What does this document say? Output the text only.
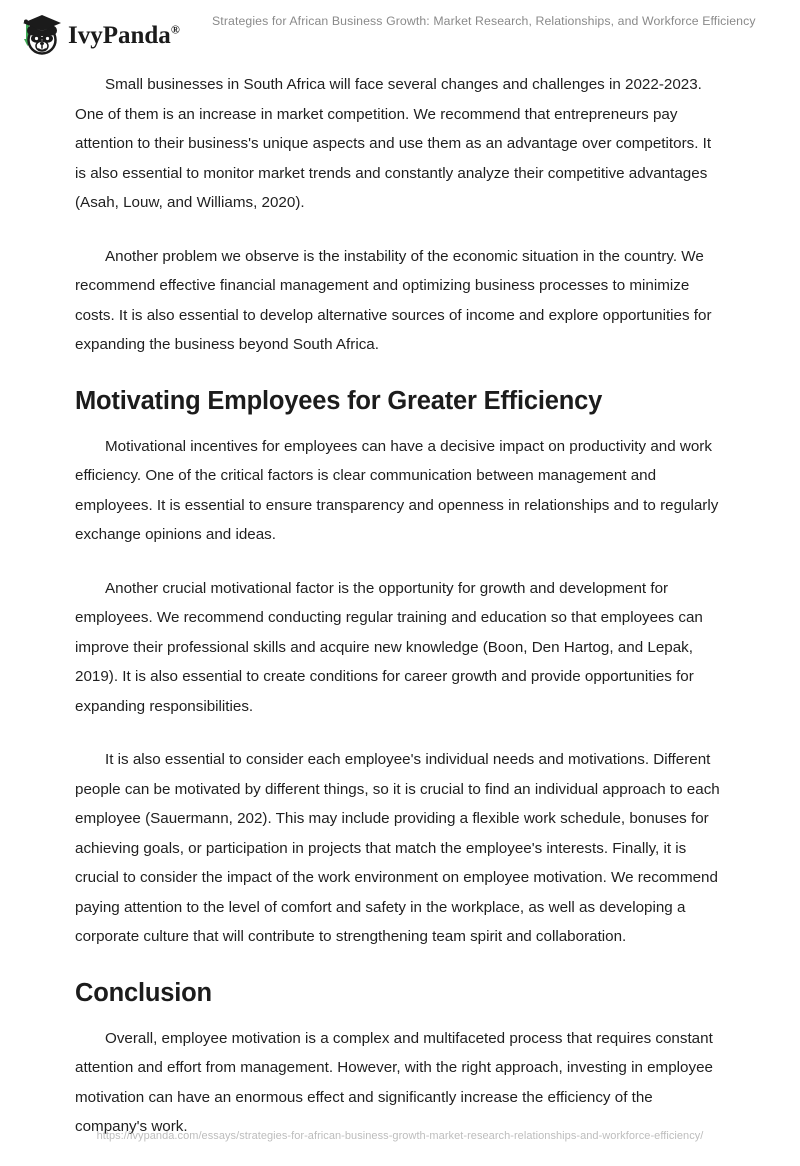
IvyPanda®
Strategies for African Business Growth: Market Research, Relationships, and Workforce Efficiency

Small businesses in South Africa will face several changes and challenges in 2022-2023. One of them is an increase in market competition. We recommend that entrepreneurs pay attention to their business's unique aspects and use them as an advantage over competitors. It is also essential to monitor market trends and constantly analyze their competitive advantages (Asah, Louw, and Williams, 2020).

Another problem we observe is the instability of the economic situation in the country. We recommend effective financial management and optimizing business processes to minimize costs. It is also essential to develop alternative sources of income and explore opportunities for expanding the business beyond South Africa.

Motivating Employees for Greater Efficiency

Motivational incentives for employees can have a decisive impact on productivity and work efficiency. One of the critical factors is clear communication between management and employees. It is essential to ensure transparency and openness in relationships and to regularly exchange opinions and ideas.

Another crucial motivational factor is the opportunity for growth and development for employees. We recommend conducting regular training and education so that employees can improve their professional skills and acquire new knowledge (Boon, Den Hartog, and Lepak, 2019). It is also essential to create conditions for career growth and provide opportunities for expanding responsibilities.

It is also essential to consider each employee's individual needs and motivations. Different people can be motivated by different things, so it is crucial to find an individual approach to each employee (Sauermann, 202). This may include providing a flexible work schedule, bonuses for achieving goals, or participation in projects that match the employee's interests. Finally, it is crucial to consider the impact of the work environment on employee motivation. We recommend paying attention to the level of comfort and safety in the workplace, as well as developing a corporate culture that will contribute to strengthening team spirit and collaboration.

Conclusion

Overall, employee motivation is a complex and multifaceted process that requires constant attention and effort from management. However, with the right approach, investing in employee motivation can have an enormous effect and significantly increase the efficiency of the company's work.

https://ivypanda.com/essays/strategies-for-african-business-growth-market-research-relationships-and-workforce-efficiency/
